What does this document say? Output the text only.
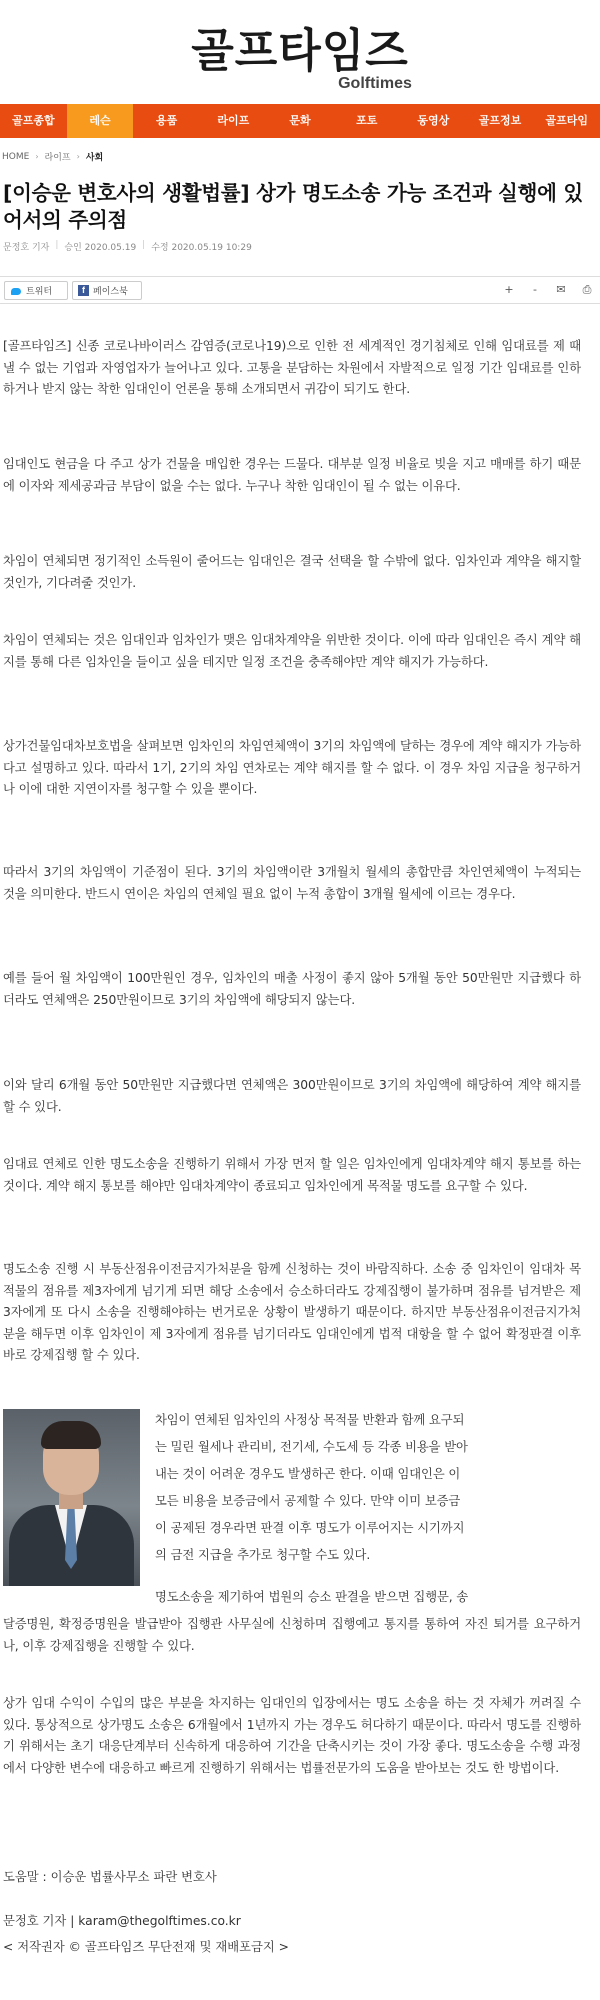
골프타임즈
Golftimes
골프종합	레슨	용품	라이프	문화	포토	동영상	골프정보	골프타임
HOME › 라이프 › 사회
[이승운 변호사의 생활법률] 상가 명도소송 가능 조건과 실행에 있어서의 주의점
문정호 기자 | 승인 2020.05.19 | 수정 2020.05.19 10:29
트위터	f 페이스북	+	-	✉ ⎙

[골프타임즈] 신종 코로나바이러스 감염증(코로나19)으로 인한 전 세계적인 경기침체로 인해 임대료를 제 때 낼 수 없는 기업과 자영업자가 늘어나고 있다. 고통을 분담하는 차원에서 자발적으로 일정 기간 임대료를 인하하거나 받지 않는 착한 임대인이 언론을 통해 소개되면서 귀감이 되기도 한다.

임대인도 현금을 다 주고 상가 건물을 매입한 경우는 드물다. 대부분 일정 비율로 빚을 지고 매매를 하기 때문에 이자와 제세공과금 부담이 없을 수는 없다. 누구나 착한 임대인이 될 수 없는 이유다.

차임이 연체되면 정기적인 소득원이 줄어드는 임대인은 결국 선택을 할 수밖에 없다. 임차인과 계약을 해지할 것인가, 기다려줄 것인가.

차임이 연체되는 것은 임대인과 임차인가 맺은 임대차계약을 위반한 것이다. 이에 따라 임대인은 즉시 계약 해지를 통해 다른 임차인을 들이고 싶을 테지만 일정 조건을 충족해야만 계약 해지가 가능하다.

상가건물임대차보호법을 살펴보면 임차인의 차임연체액이 3기의 차임액에 달하는 경우에 계약 해지가 가능하다고 설명하고 있다. 따라서 1기, 2기의 차임 연차로는 계약 해지를 할 수 없다. 이 경우 차임 지급을 청구하거나 이에 대한 지연이자를 청구할 수 있을 뿐이다.

따라서 3기의 차임액이 기준점이 된다. 3기의 차임액이란 3개월치 월세의 총합만큼 차인연체액이 누적되는 것을 의미한다. 반드시 연이은 차임의 연체일 필요 없이 누적 총합이 3개월 월세에 이르는 경우다.

예를 들어 월 차임액이 100만원인 경우, 임차인의 매출 사정이 좋지 않아 5개월 동안 50만원만 지급했다 하더라도 연체액은 250만원이므로 3기의 차임액에 해당되지 않는다.

이와 달리 6개월 동안 50만원만 지급했다면 연체액은 300만원이므로 3기의 차임액에 해당하여 계약 해지를 할 수 있다.

임대료 연체로 인한 명도소송을 진행하기 위해서 가장 먼저 할 일은 임차인에게 임대차계약 해지 통보를 하는 것이다. 계약 해지 통보를 해야만 임대차계약이 종료되고 임차인에게 목적물 명도를 요구할 수 있다.

명도소송 진행 시 부동산점유이전금지가처분을 함께 신청하는 것이 바람직하다. 소송 중 임차인이 임대차 목적물의 점유를 제3자에게 넘기게 되면 해당 소송에서 승소하더라도 강제집행이 불가하며 점유를 넘겨받은 제3자에게 또 다시 소송을 진행해야하는 번거로운 상황이 발생하기 때문이다. 하지만 부동산점유이전금지가처분을 해두면 이후 임차인이 제 3자에게 점유를 넘기더라도 임대인에게 법적 대항을 할 수 없어 확정판결 이후 바로 강제집행 할 수 있다.

차임이 연체된 임차인의 사정상 목적물 반환과 함께 요구되

는 밀린 월세나 관리비, 전기세, 수도세 등 각종 비용을 받아

내는 것이 어려운 경우도 발생하곤 한다. 이때 임대인은 이

모든 비용을 보증금에서 공제할 수 있다. 만약 이미 보증금

이 공제된 경우라면 판결 이후 명도가 이루어지는 시기까지

의 금전 지급을 추가로 청구할 수도 있다.

명도소송을 제기하여 법원의 승소 판결을 받으면 집행문, 송

달증명원, 확정증명원을 발급받아 집행관 사무실에 신청하며 집행예고 통지를 통하여 자진 퇴거를 요구하거나, 이후 강제집행을 진행할 수 있다.

상가 임대 수익이 수입의 많은 부분을 차지하는 임대인의 입장에서는 명도 소송을 하는 것 자체가 꺼려질 수 있다. 통상적으로 상가명도 소송은 6개월에서 1년까지 가는 경우도 허다하기 때문이다. 따라서 명도를 진행하기 위해서는 초기 대응단계부터 신속하게 대응하여 기간을 단축시키는 것이 가장 좋다. 명도소송을 수행 과정에서 다양한 변수에 대응하고 빠르게 진행하기 위해서는 법률전문가의 도움을 받아보는 것도 한 방법이다.

도움말 : 이승운 법률사무소 파란 변호사
문정호 기자 | karam@thegolftimes.co.kr
< 저작권자 © 골프타임즈 무단전재 및 재배포금지 >
